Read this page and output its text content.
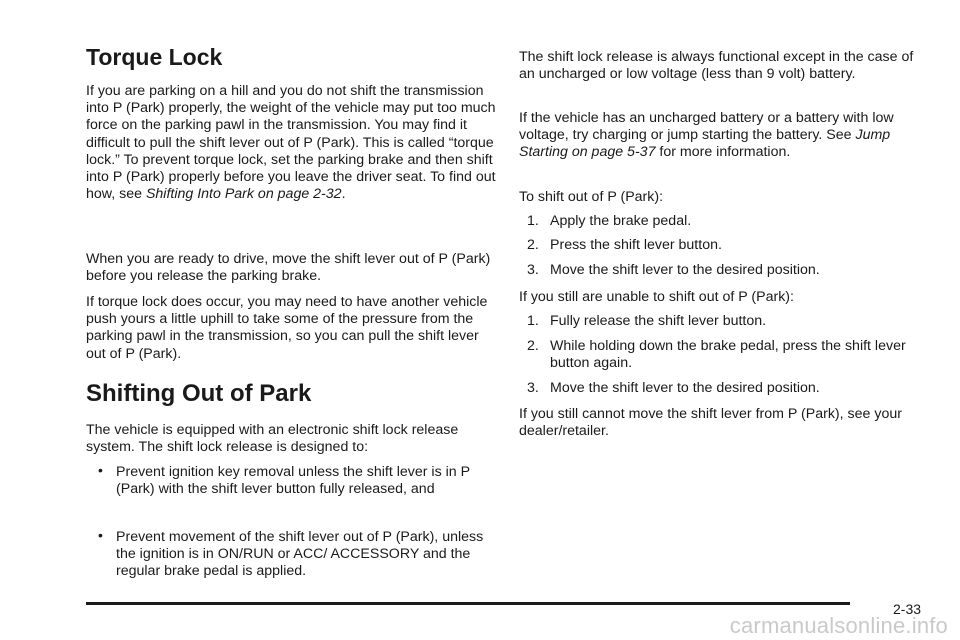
Torque Lock

If you are parking on a hill and you do not shift the transmission into P (Park) properly, the weight of the vehicle may put too much force on the parking pawl in the transmission. You may find it difficult to pull the shift lever out of P (Park). This is called “torque lock.” To prevent torque lock, set the parking brake and then shift into P (Park) properly before you leave the driver seat. To find out how, see Shifting Into Park on page 2-32.

When you are ready to drive, move the shift lever out of P (Park) before you release the parking brake.

If torque lock does occur, you may need to have another vehicle push yours a little uphill to take some of the pressure from the parking pawl in the transmission, so you can pull the shift lever out of P (Park).

Shifting Out of Park

The vehicle is equipped with an electronic shift lock release system. The shift lock release is designed to:

• Prevent ignition key removal unless the shift lever is in P (Park) with the shift lever button fully released, and
• Prevent movement of the shift lever out of P (Park), unless the ignition is in ON/RUN or ACC/ ACCESSORY and the regular brake pedal is applied.

The shift lock release is always functional except in the case of an uncharged or low voltage (less than 9 volt) battery.

If the vehicle has an uncharged battery or a battery with low voltage, try charging or jump starting the battery. See Jump Starting on page 5-37 for more information.

To shift out of P (Park):

1. Apply the brake pedal.
2. Press the shift lever button.
3. Move the shift lever to the desired position.

If you still are unable to shift out of P (Park):

1. Fully release the shift lever button.
2. While holding down the brake pedal, press the shift lever button again.
3. Move the shift lever to the desired position.

If you still cannot move the shift lever from P (Park), see your dealer/retailer.

2-33
carmanualsonline.info
